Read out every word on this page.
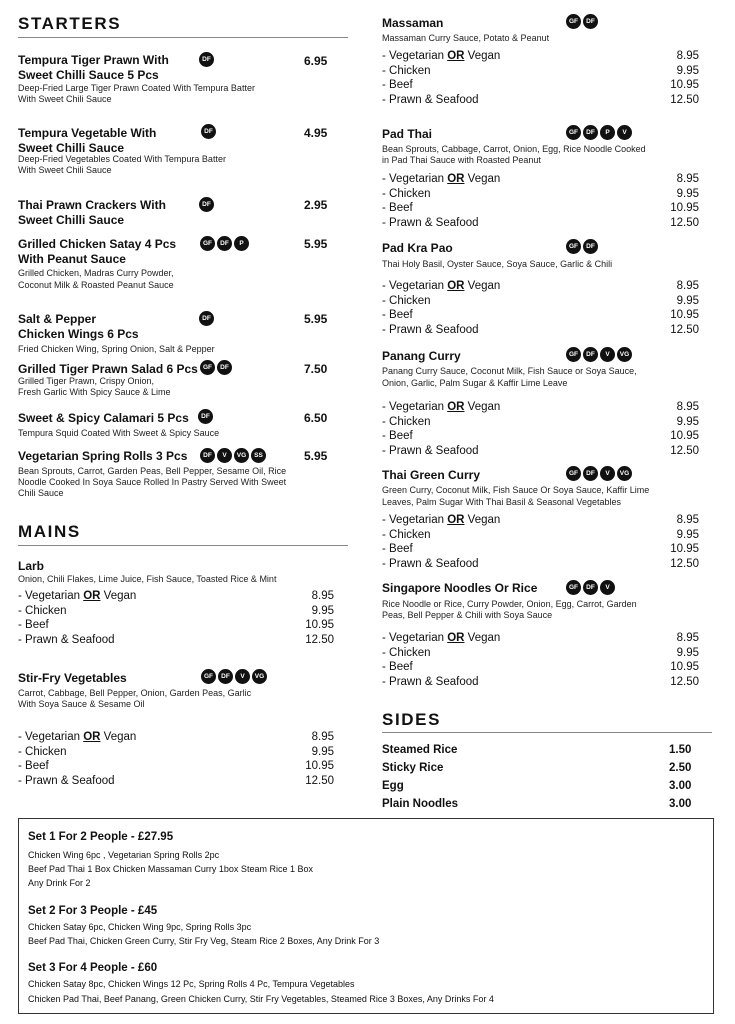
STARTERS
Tempura Tiger Prawn With	DF	6.95
Sweet Chilli Sauce 5 Pcs
Deep-Fried Large Tiger Prawn Coated With Tempura Batter
With Sweet Chili Sauce
Tempura Vegetable With	DF	4.95
Sweet Chilli Sauce
Deep-Fried Vegetables Coated With Tempura Batter
With Sweet Chili Sauce
Thai Prawn Crackers With	DF	2.95
Sweet Chilli Sauce
Grilled Chicken Satay 4 Pcs	GF DF P	5.95
With Peanut Sauce
Grilled Chicken, Madras Curry Powder,
Coconut Milk & Roasted Peanut Sauce
Salt & Pepper	DF	5.95
Chicken Wings 6 Pcs
Fried Chicken Wing, Spring Onion, Salt & Pepper
Grilled Tiger Prawn Salad 6 Pcs GF DF	7.50
Grilled Tiger Prawn, Crispy Onion,
Fresh Garlic With Spicy Sauce & Lime
Sweet & Spicy Calamari 5 Pcs	DF	6.50
Tempura Squid Coated With Sweet & Spicy Sauce
Vegetarian Spring Rolls 3 Pcs	DF V VG SS	5.95
Bean Sprouts, Carrot, Garden Peas, Bell Pepper, Sesame Oil, Rice
Noodle Cooked In Soya Sauce Rolled In Pastry Served With Sweet
Chili Sauce
MAINS
Larb
Onion, Chili Flakes, Lime Juice, Fish Sauce, Toasted Rice & Mint
- Vegetarian OR Vegan	8.95
- Chicken	9.95
- Beef	10.95
- Prawn & Seafood	12.50
Stir-Fry Vegetables	GF DF V VG
Carrot, Cabbage, Bell Pepper, Onion, Garden Peas, Garlic
With Soya Sauce & Sesame Oil
- Vegetarian OR Vegan	8.95
- Chicken	9.95
- Beef	10.95
- Prawn & Seafood	12.50
Massaman	GF DF
Massaman Curry Sauce, Potato & Peanut
- Vegetarian OR Vegan	8.95
- Chicken	9.95
- Beef	10.95
- Prawn & Seafood	12.50
Pad Thai	GF DF P V
Bean Sprouts, Cabbage, Carrot, Onion, Egg, Rice Noodle Cooked
in Pad Thai Sauce with Roasted Peanut
- Vegetarian OR Vegan	8.95
- Chicken	9.95
- Beef	10.95
- Prawn & Seafood	12.50
Pad Kra Pao	GF DF
Thai Holy Basil, Oyster Sauce, Soya Sauce, Garlic & Chili
- Vegetarian OR Vegan	8.95
- Chicken	9.95
- Beef	10.95
- Prawn & Seafood	12.50
Panang Curry	GF DF V VG
Panang Curry Sauce, Coconut Milk, Fish Sauce or Soya Sauce,
Onion, Garlic, Palm Sugar & Kaffir Lime Leave
- Vegetarian OR Vegan	8.95
- Chicken	9.95
- Beef	10.95
- Prawn & Seafood	12.50
Thai Green Curry	GF DF V VG
Green Curry, Coconut Milk, Fish Sauce Or Soya Sauce, Kaffir Lime
Leaves, Palm Sugar With Thai Basil & Seasonal Vegetables
- Vegetarian OR Vegan	8.95
- Chicken	9.95
- Beef	10.95
- Prawn & Seafood	12.50
Singapore Noodles Or Rice	GF DF V
Rice Noodle or Rice, Curry Powder, Onion, Egg, Carrot, Garden
Peas, Bell Pepper & Chili with Soya Sauce
- Vegetarian OR Vegan	8.95
- Chicken	9.95
- Beef	10.95
- Prawn & Seafood	12.50
SIDES
Steamed Rice	1.50
Sticky Rice	2.50
Egg	3.00
Plain Noodles	3.00
Set 1 For 2 People - £27.95
Chicken Wing 6pc , Vegetarian Spring Rolls 2pc
Beef Pad Thai 1 Box Chicken Massaman Curry 1box Steam Rice 1 Box
Any Drink For 2
Set 2 For 3 People - £45
Chicken Satay 6pc, Chicken Wing 9pc, Spring Rolls 3pc
Beef Pad Thai, Chicken Green Curry, Stir Fry Veg, Steam Rice 2 Boxes, Any Drink For 3
Set 3 For 4 People - £60
Chicken Satay 8pc, Chicken Wings 12 Pc, Spring Rolls 4 Pc, Tempura Vegetables
Chicken Pad Thai, Beef Panang, Green Chicken Curry, Stir Fry Vegetables, Steamed Rice 3 Boxes, Any Drinks For 4
